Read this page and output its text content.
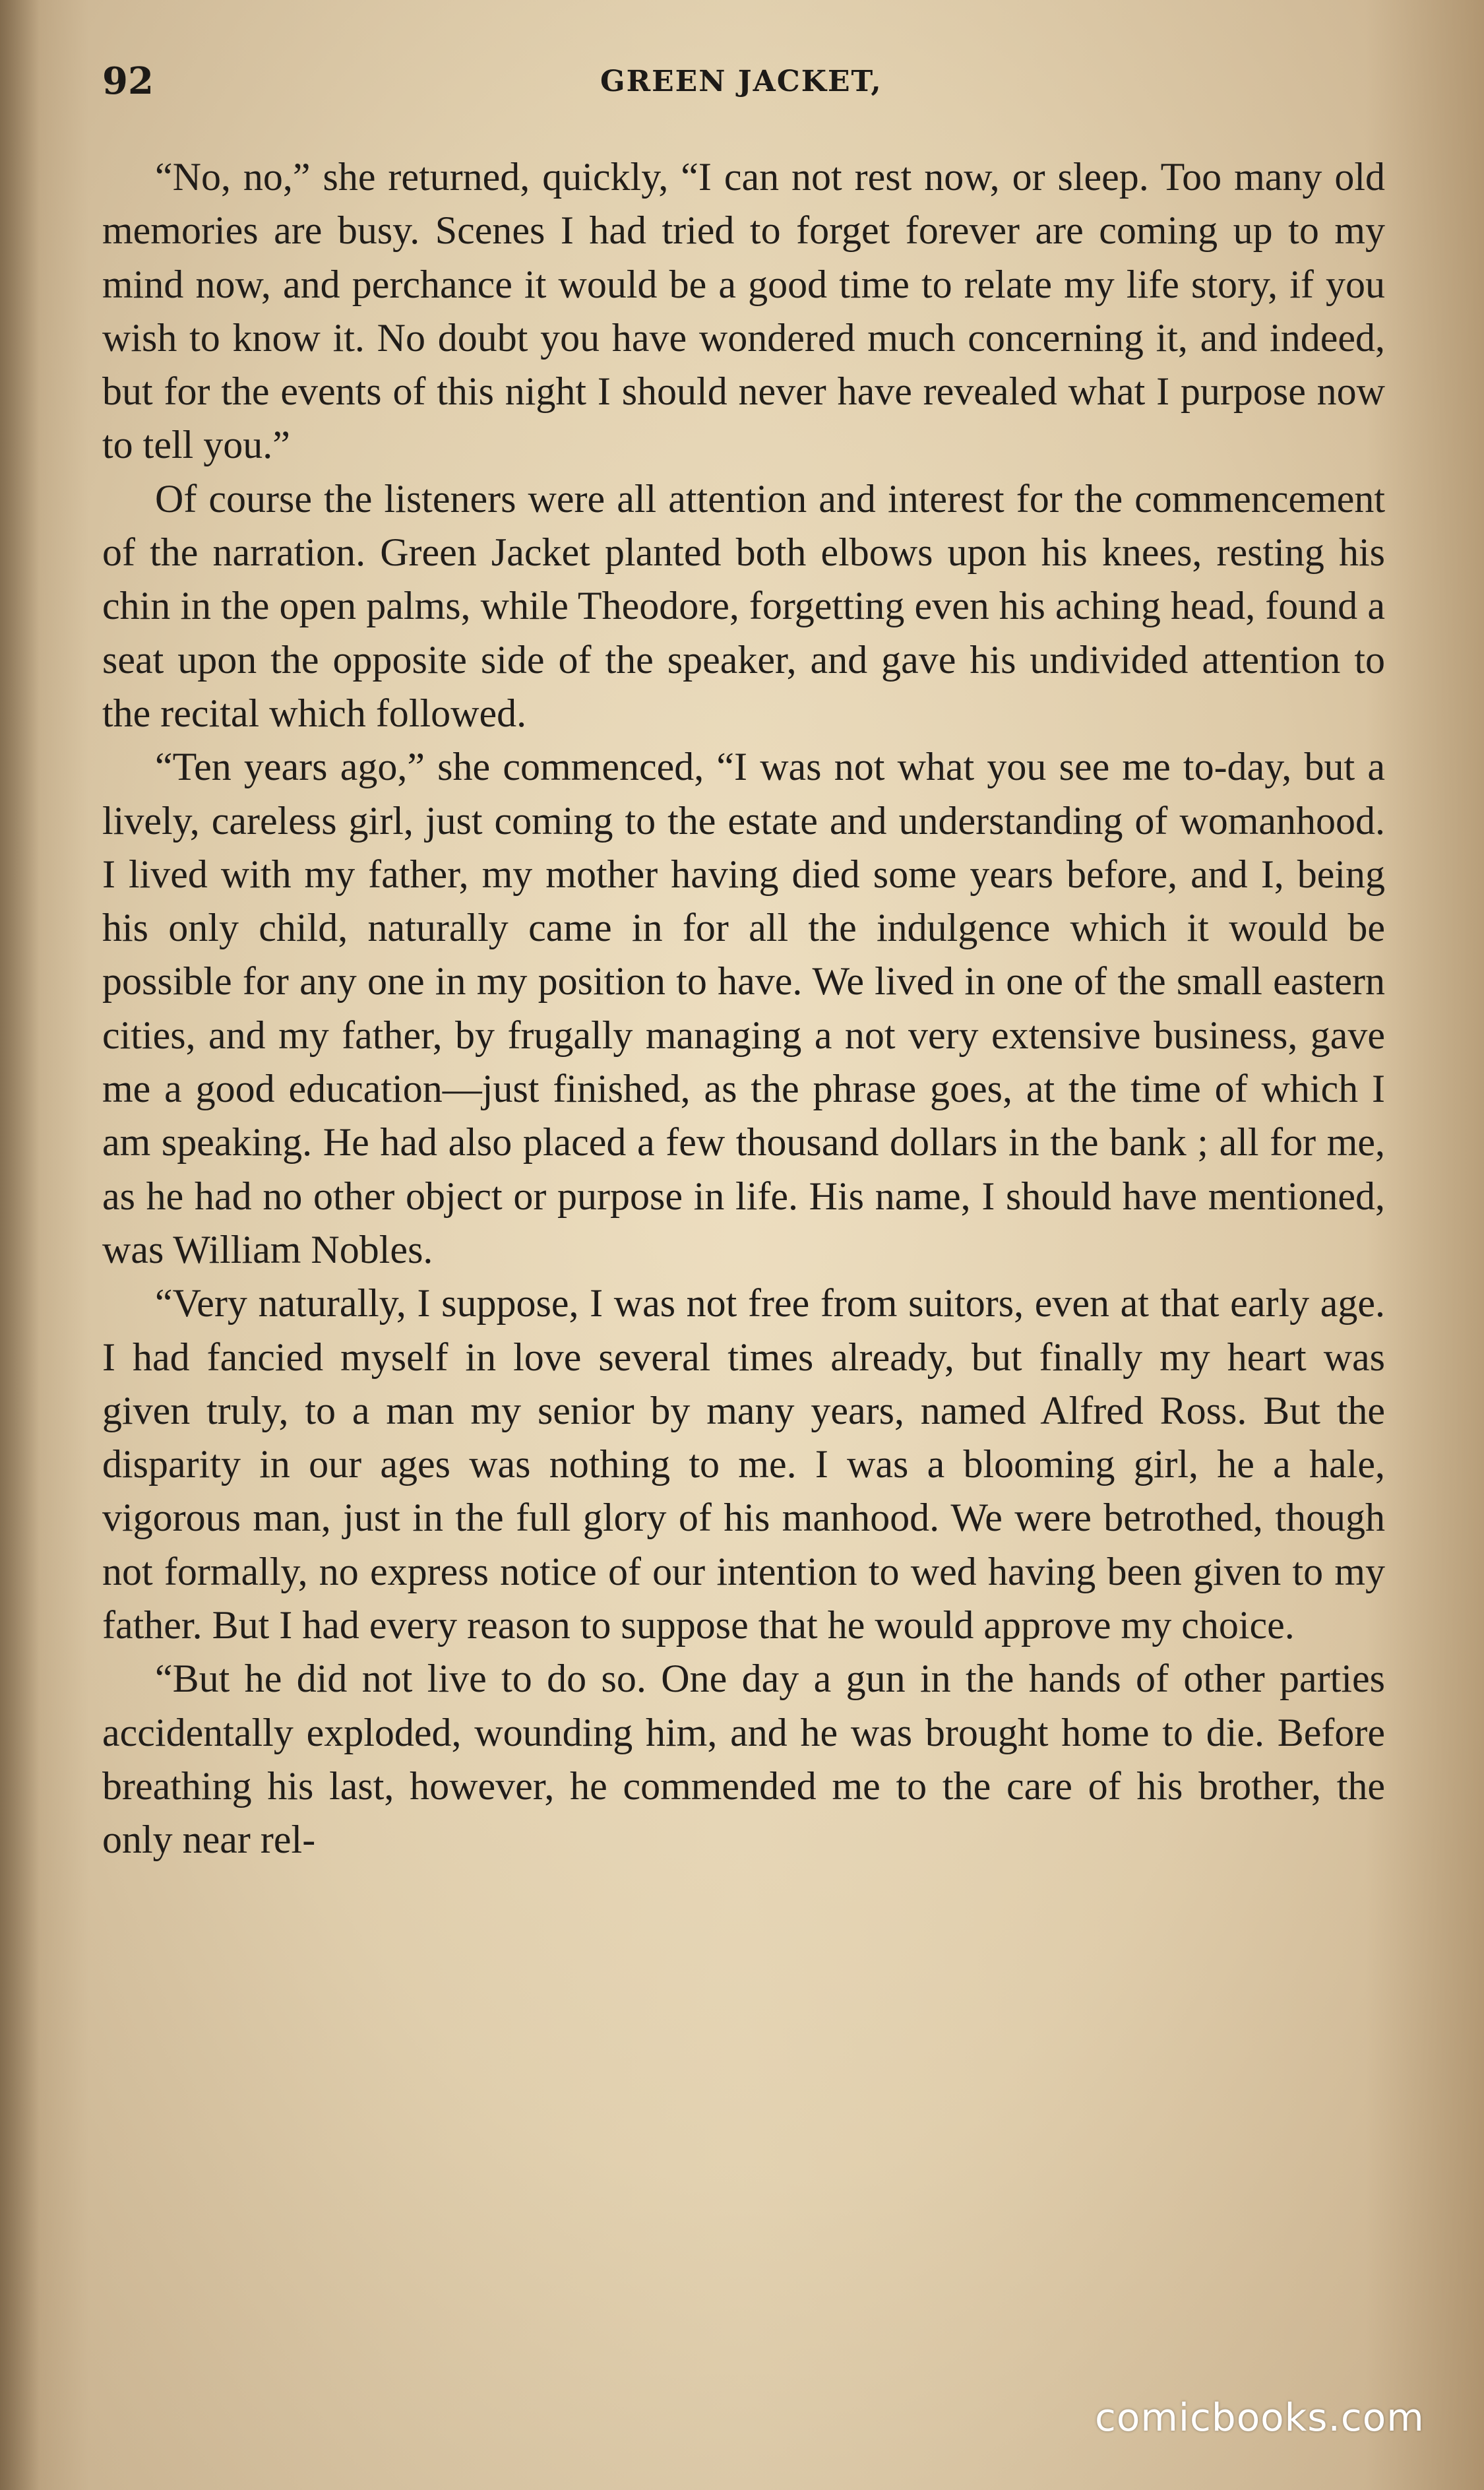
92	GREEN JACKET,

“No, no,” she returned, quickly, “I can not rest now, or sleep. Too many old memories are busy. Scenes I had tried to forget forever are coming up to my mind now, and perchance it would be a good time to relate my life story, if you wish to know it. No doubt you have wondered much concerning it, and indeed, but for the events of this night I should never have revealed what I purpose now to tell you.”

Of course the listeners were all attention and interest for the commencement of the narration. Green Jacket planted both elbows upon his knees, resting his chin in the open palms, while Theodore, forgetting even his aching head, found a seat upon the opposite side of the speaker, and gave his undivided attention to the recital which followed.

“Ten years ago,” she commenced, “I was not what you see me to-day, but a lively, careless girl, just coming to the estate and understanding of womanhood. I lived with my father, my mother having died some years before, and I, being his only child, naturally came in for all the indulgence which it would be possible for any one in my position to have. We lived in one of the small eastern cities, and my father, by frugally managing a not very extensive business, gave me a good education—just finished, as the phrase goes, at the time of which I am speaking. He had also placed a few thousand dollars in the bank ; all for me, as he had no other object or purpose in life. His name, I should have mentioned, was William Nobles.

“Very naturally, I suppose, I was not free from suitors, even at that early age. I had fancied myself in love several times already, but finally my heart was given truly, to a man my senior by many years, named Alfred Ross. But the disparity in our ages was nothing to me. I was a blooming girl, he a hale, vigorous man, just in the full glory of his manhood. We were betrothed, though not formally, no express notice of our intention to wed having been given to my father. But I had every reason to suppose that he would approve my choice.

“But he did not live to do so. One day a gun in the hands of other parties accidentally exploded, wounding him, and he was brought home to die. Before breathing his last, however, he commended me to the care of his brother, the only near rel-

comicbooks.com
